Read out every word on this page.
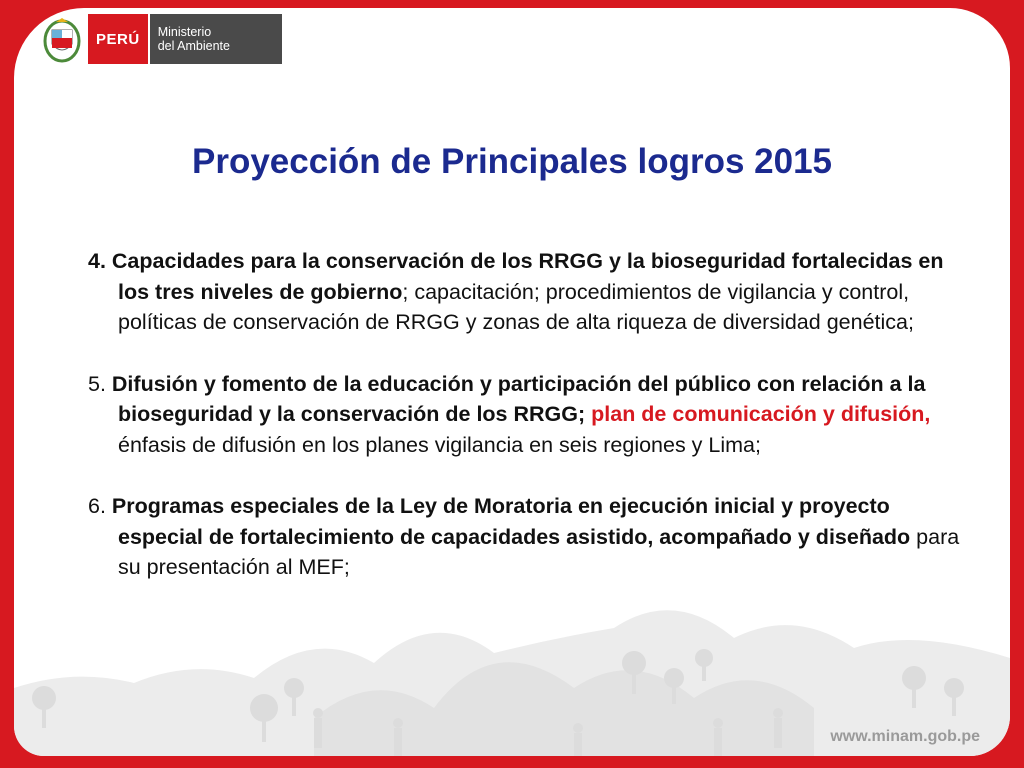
PERÚ	Ministerio
del Ambiente
Proyección de Principales logros 2015

4. Capacidades para la conservación de los RRGG y la bioseguridad fortalecidas en los tres niveles de gobierno; capacitación; procedimientos de vigilancia y control, políticas de conservación de RRGG y zonas de alta riqueza de diversidad genética;

5. Difusión y fomento de la educación y participación del público con relación a la bioseguridad y la conservación de los RRGG; plan de comunicación y difusión, énfasis de difusión en los planes vigilancia en seis regiones y Lima;

6. Programas especiales de la Ley de Moratoria en ejecución inicial y proyecto especial de fortalecimiento de capacidades asistido, acompañado y diseñado para su presentación al MEF;

www.minam.gob.pe
